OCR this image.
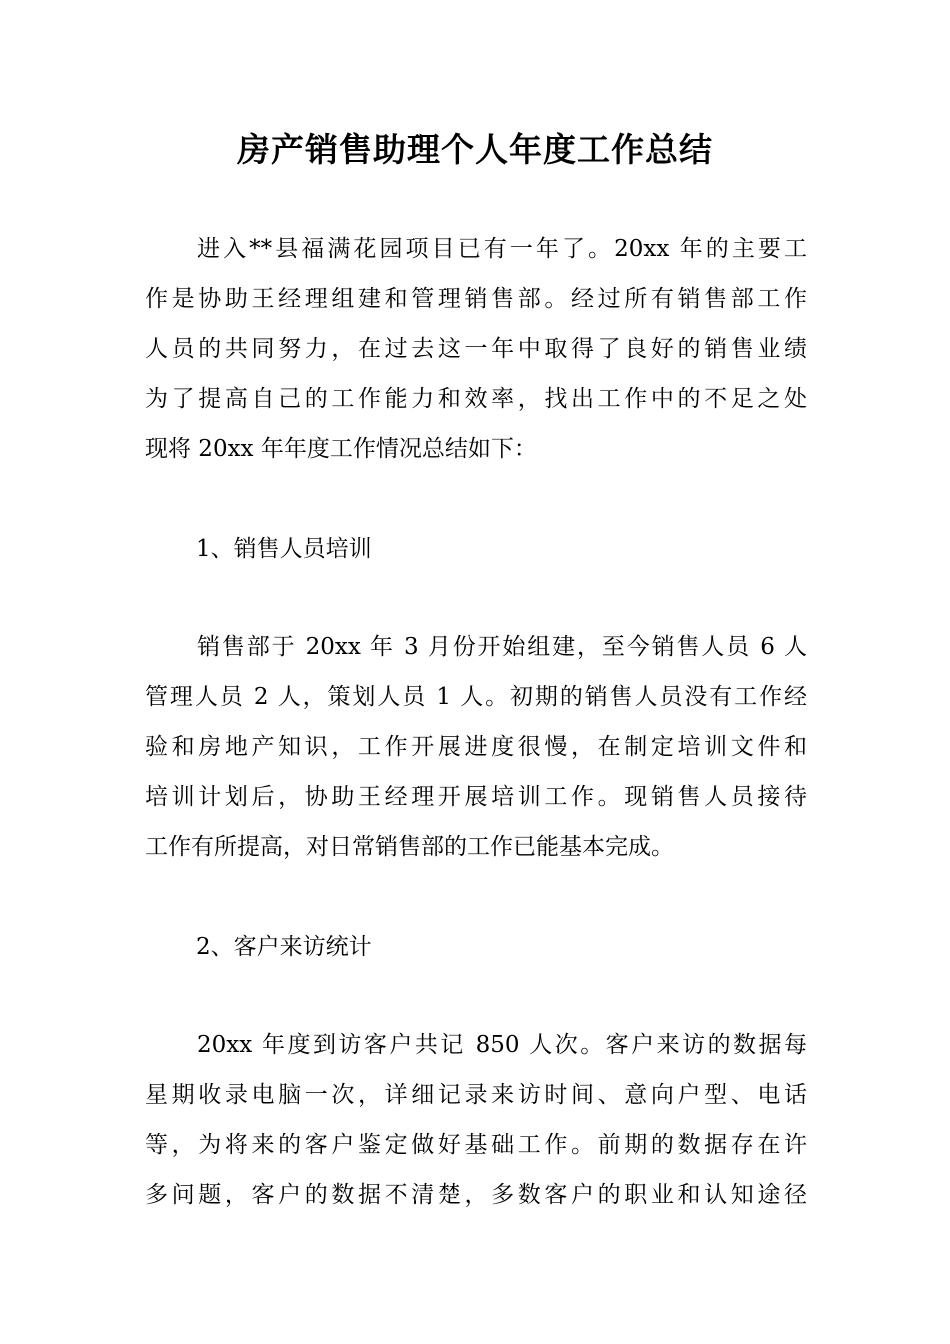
房产销售助理个人年度工作总结
进入**县福满花园项目已有一年了。20xx 年的主要工
作是协助王经理组建和管理销售部。经过所有销售部工作
人员的共同努力，在过去这一年中取得了良好的销售业绩
为了提高自己的工作能力和效率，找出工作中的不足之处
现将 20xx 年年度工作情况总结如下：
1、销售人员培训
销售部于 20xx 年 3 月份开始组建，至今销售人员 6 人
管理人员 2 人，策划人员 1 人。初期的销售人员没有工作经
验和房地产知识，工作开展进度很慢，在制定培训文件和
培训计划后，协助王经理开展培训工作。现销售人员接待
工作有所提高，对日常销售部的工作已能基本完成。
2、客户来访统计
20xx 年度到访客户共记 850 人次。客户来访的数据每
星期收录电脑一次，详细记录来访时间、意向户型、电话
等，为将来的客户鉴定做好基础工作。前期的数据存在许
多问题，客户的数据不清楚，多数客户的职业和认知途径
